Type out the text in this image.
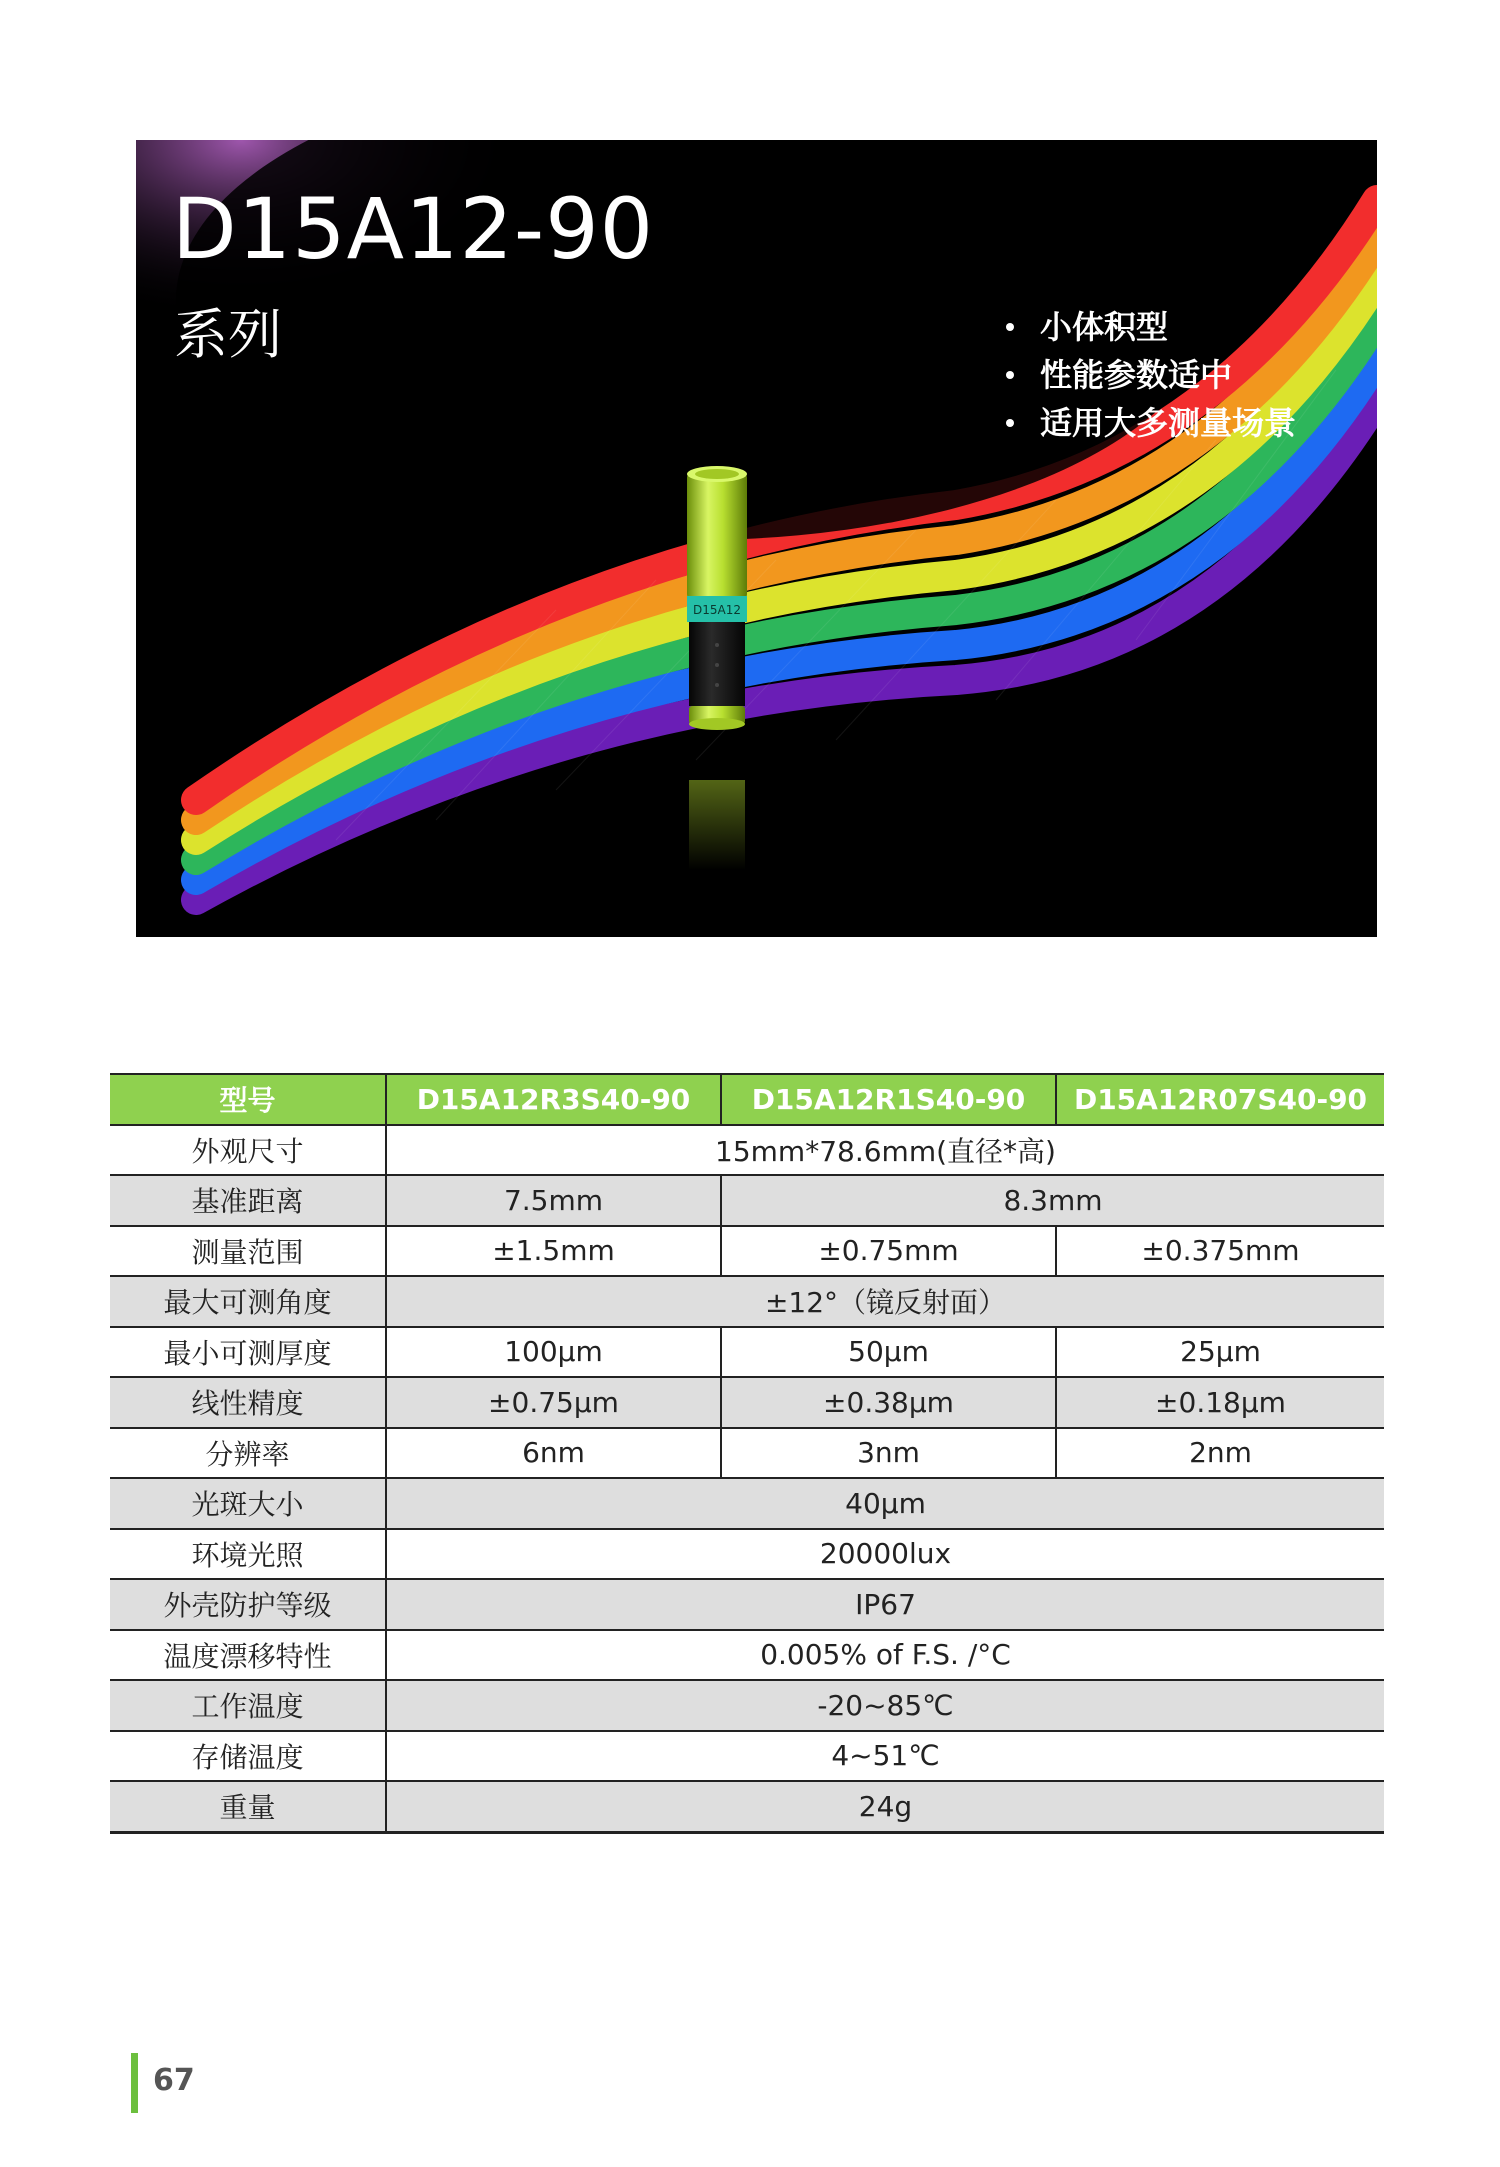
D15A12
D15A12-90
系列	小体积型
性能参数适中
适用大多测量场景
型号	D15A12R3S40-90	D15A12R1S40-90	D15A12R07S40-90
外观尺寸	15mm*78.6mm(直径*高)		
基准距离	7.5mm	8.3mm	
测量范围	±1.5mm	±0.75mm	±0.375mm
最大可测角度	±12°（镜反射面）		
最小可测厚度	100μm	50μm	25μm
线性精度	±0.75μm	±0.38μm	±0.18μm
分辨率	6nm	3nm	2nm
光斑大小	40μm		
环境光照	20000lux		
外壳防护等级	IP67		
温度漂移特性	0.005% of F.S. /°C		
工作温度	-20~85℃		
存储温度	4~51℃		
重量	24g		
67
